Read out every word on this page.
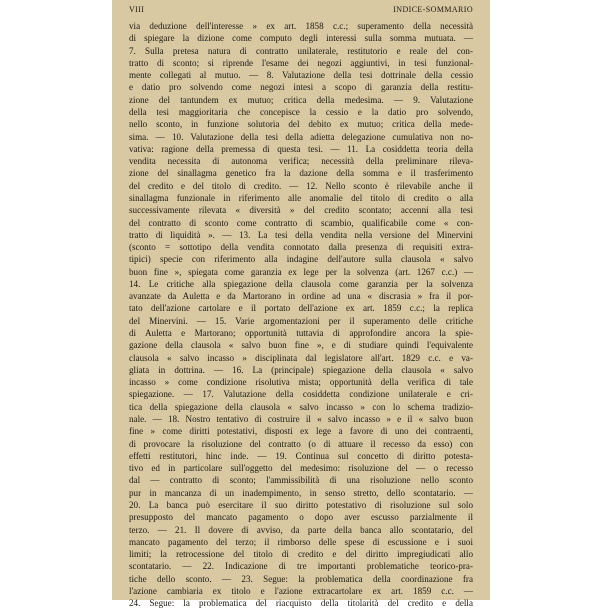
VIII	INDICE-SOMMARIO
via deduzione dell'interesse » ex art. 1858 c.c.; superamento della necessità
di spiegare la dizione come computo degli interessi sulla somma mutuata. —
7. Sulla pretesa natura di contratto unilaterale, restitutorio e reale del con-
tratto di sconto; si riprende l'esame dei negozi aggiuntivi, in tesi funzional-
mente collegati al mutuo. — 8. Valutazione della tesi dottrinale della cessio
e datio pro solvendo come negozi intesi a scopo di garanzia della restitu-
zione del tantundem ex mutuo; critica della medesima. — 9. Valutazione
della tesi maggioritaria che concepisce la cessio e la datio pro solvendo,
nello sconto, in funzione solutoria del debito ex mutuo; critica della mede-
sima. — 10. Valutazione della tesi della adietta delegazione cumulativa non no-
vativa: ragione della premessa di questa tesi. — 11. La cosiddetta teoria della
vendita necessita di autonoma verifica; necessità della preliminare rileva-
zione del sinallagma genetico fra la dazione della somma e il trasferimento
del credito e del titolo di credito. — 12. Nello sconto è rilevabile anche il
sinallagma funzionale in riferimento alle anomalie del titolo di credito o alla
successivamente rilevata « diversità » del credito scontato; accenni alla tesi
del contratto di sconto come contratto di scambio, qualificabile come « con-
tratto di liquidità ». — 13. La tesi della vendita nella versione del Minervini
(sconto = sottotipo della vendita connotato dalla presenza di requisiti extra-
tipici) specie con riferimento alla indagine dell'autore sulla clausola « salvo
buon fine », spiegata come garanzia ex lege per la solvenza (art. 1267 c.c.) —
14. Le critiche alla spiegazione della clausola come garanzia per la solvenza
avanzate da Auletta e da Martorano in ordine ad una « discrasia » fra il por-
tato dell'azione cartolare e il portato dell'azione ex art. 1859 c.c.; la replica
del Minervini. — 15. Varie argomentazioni per il superamento delle critiche
di Auletta e Martorano; opportunità tuttavia di approfondire ancora la spie-
gazione della clausola « salvo buon fine », e di studiare quindi l'equivalente
clausola « salvo incasso » disciplinata dal legislatore all'art. 1829 c.c. e va-
gliata in dottrina. — 16. La (principale) spiegazione della clausola « salvo
incasso » come condizione risolutiva mista; opportunità della verifica di tale
spiegazione. — 17. Valutazione della cosiddetta condizione unilaterale e cri-
tica della spiegazione della clausola « salvo incasso » con lo schema tradizio-
nale. — 18. Nostro tentativo di costruire il « salvo incasso » e il « salvo buon
fine » come diritti potestativi, disposti ex lege a favore di uno dei contraenti,
di provocare la risoluzione del contratto (o di attuare il recesso da esso) con
effetti restitutori, hinc inde. — 19. Continua sul concetto di diritto potesta-
tivo ed in particolare sull'oggetto del medesimo: risoluzione del — o recesso
dal — contratto di sconto; l'ammissibilità di una risoluzione nello sconto
pur in mancanza di un inadempimento, in senso stretto, dello scontatario. —
20. La banca può esercitare il suo diritto potestativo di risoluzione sul solo
presupposto del mancato pagamento o dopo aver escusso parzialmente il
terzo. — 21. Il dovere di avviso, da parte della banca allo scontatario, del
mancato pagamento del terzo; il rimborso delle spese di escussione e i suoi
limiti; la retrocessione del titolo di credito e del diritto impregiudicati allo
scontatario. — 22. Indicazione di tre importanti problematiche teorico-pra-
tiche dello sconto. — 23. Segue: la problematica della coordinazione fra
l'azione cambiaria ex titolo e l'azione extracartolare ex art. 1859 c.c. —
24. Segue: la problematica del riacquisto della titolarità del credito e della
